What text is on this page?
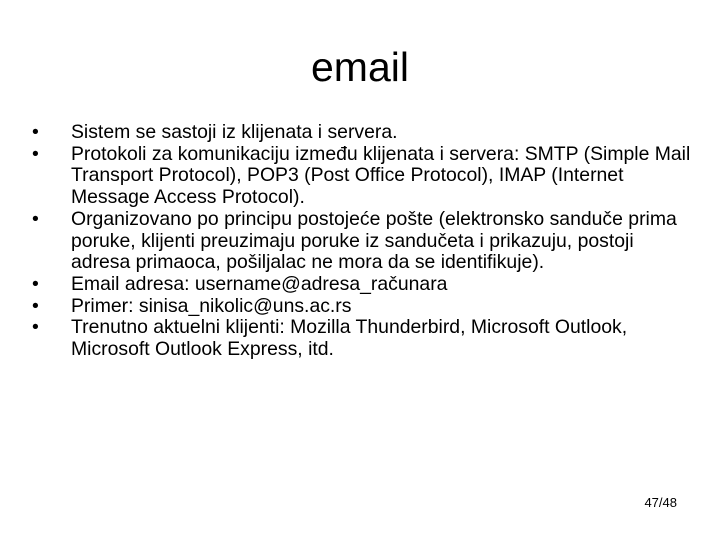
email
•	Sistem se sastoji iz klijenata i servera.
•	Protokoli za komunikaciju između klijenata i servera: SMTP (Simple Mail Transport Protocol), POP3 (Post Office Protocol), IMAP (Internet Message Access Protocol).
•	Organizovano po principu postojeće pošte (elektronsko sandučе prima poruke, klijenti preuzimaju poruke iz sandučeta i prikazuju, postoji adresa primaoca, pošiljalac ne mora da se identifikuje).
•	Email adresa: username@adresa_računara
•	Primer: sinisa_nikolic@uns.ac.rs
•	Trenutno aktuelni klijenti: Mozilla Thunderbird, Microsoft Outlook, Microsoft Outlook Express, itd.
47/48
